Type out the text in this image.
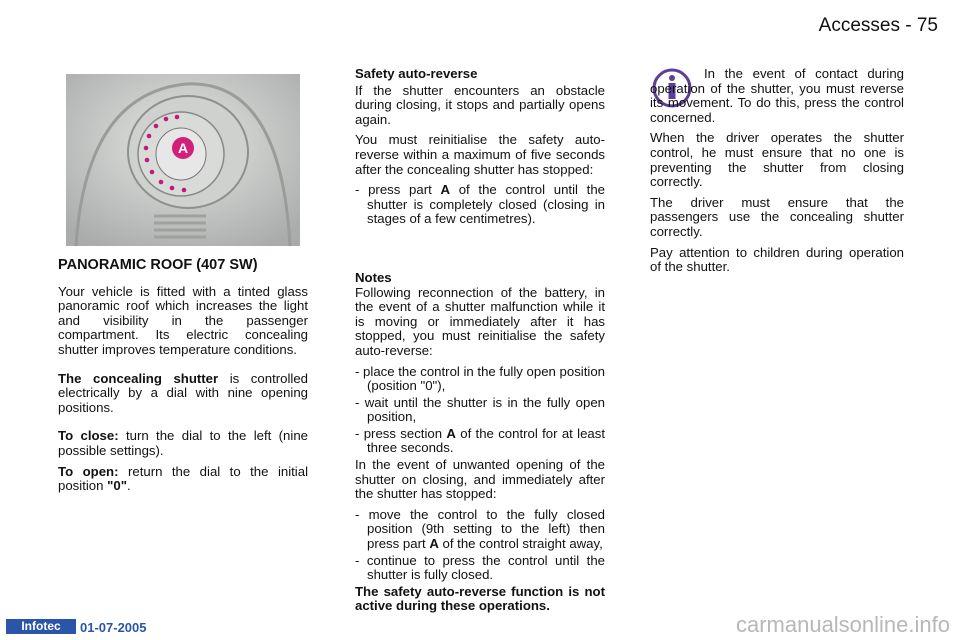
Accesses - 75
A
PANORAMIC ROOF (407 SW)

Your vehicle is fitted with a tinted glass panoramic roof which increases the light and visibility in the passenger compartment. Its electric concealing shutter improves temperature conditions.

The concealing shutter is controlled electrically by a dial with nine opening positions.

To close: turn the dial to the left (nine possible settings).

To open: return the dial to the initial position "0".

Safety auto-reverse

If the shutter encounters an obstacle during closing, it stops and partially opens again.

You must reinitialise the safety auto-reverse within a maximum of five seconds after the concealing shutter has stopped:

- press part A of the control until the shutter is completely closed (closing in stages of a few centimetres).
Notes

Following reconnection of the battery, in the event of a shutter malfunction while it is moving or immediately after it has stopped, you must reinitialise the safety auto-reverse:

- place the control in the fully open position (position "0"),
- wait until the shutter is in the fully open position,
- press section A of the control for at least three seconds.

In the event of unwanted opening of the shutter on closing, and immediately after the shutter has stopped:

- move the control to the fully closed position (9th setting to the left) then press part A of the control straight away,
- continue to press the control until the shutter is fully closed.
The safety auto-reverse function is not active during these operations.

In the event of contact during operation of the shutter, you must reverse its movement. To do this, press the control concerned.

When the driver operates the shutter control, he must ensure that no one is preventing the shutter from closing correctly.

The driver must ensure that the passengers use the concealing shutter correctly.

Pay attention to children during operation of the shutter.

Infotec	01-07-2005	carmanualsonline.info
